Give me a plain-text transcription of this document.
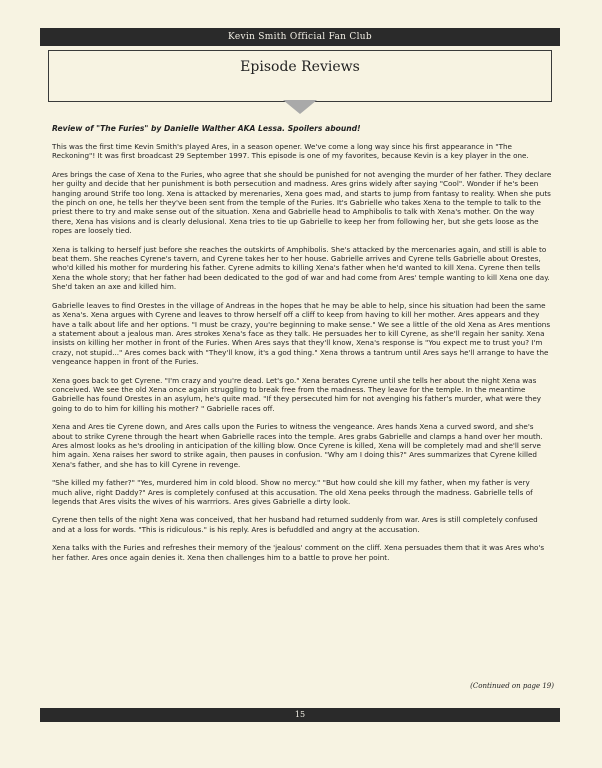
Kevin Smith Official Fan Club
Episode Reviews
Review of "The Furies" by Danielle Walther AKA Lessa. Spoilers abound!

This was the first time Kevin Smith's played Ares, in a season opener. We've come a long way since his first appearance in "The Reckoning"! It was first broadcast 29 September 1997. This episode is one of my favorites, because Kevin is a key player in the one.

Ares brings the case of Xena to the Furies, who agree that she should be punished for not avenging the murder of her father. They declare her guilty and decide that her punishment is both persecution and madness. Ares grins widely after saying "Cool". Wonder if he's been hanging around Strife too long. Xena is attacked by merenaries, Xena goes mad, and starts to jump from fantasy to reality. When she puts the pinch on one, he tells her they've been sent from the temple of the Furies. It's Gabrielle who takes Xena to the temple to talk to the priest there to try and make sense out of the situation. Xena and Gabrielle head to Amphibolis to talk with Xena's mother. On the way there, Xena has visions and is clearly delusional. Xena tries to tie up Gabrielle to keep her from following her, but she gets loose as the ropes are loosely tied.

Xena is talking to herself just before she reaches the outskirts of Amphibolis. She's attacked by the mercenaries again, and still is able to beat them. She reaches Cyrene's tavern, and Cyrene takes her to her house. Gabrielle arrives and Cyrene tells Gabrielle about Orestes, who'd killed his mother for murdering his father. Cyrene admits to killing Xena's father when he'd wanted to kill Xena. Cyrene then tells Xena the whole story; that her father had been dedicated to the god of war and had come from Ares' temple wanting to kill Xena one day. She'd taken an axe and killed him.

Gabrielle leaves to find Orestes in the village of Andreas in the hopes that he may be able to help, since his situation had been the same as Xena's. Xena argues with Cyrene and leaves to throw herself off a cliff to keep from having to kill her mother. Ares appears and they have a talk about life and her options. "I must be crazy, you're beginning to make sense." We see a little of the old Xena as Ares mentions a statement about a jealous man. Ares strokes Xena's face as they talk. He persuades her to kill Cyrene, as she'll regain her sanity. Xena insists on killing her mother in front of the Furies. When Ares says that they'll know, Xena's response is "You expect me to trust you? I'm crazy, not stupid..." Ares comes back with "They'll know, it's a god thing." Xena throws a tantrum until Ares says he'll arrange to have the vengeance happen in front of the Furies.

Xena goes back to get Cyrene. "I'm crazy and you're dead. Let's go." Xena berates Cyrene until she tells her about the night Xena was conceived. We see the old Xena once again struggling to break free from the madness. They leave for the temple. In the meantime Gabrielle has found Orestes in an asylum, he's quite mad. "If they persecuted him for not avenging his father's murder, what were they going to do to him for killing his mother? " Gabrielle races off.

Xena and Ares tie Cyrene down, and Ares calls upon the Furies to witness the vengeance. Ares hands Xena a curved sword, and she's about to strike Cyrene through the heart when Gabrielle races into the temple. Ares grabs Gabrielle and clamps a hand over her mouth. Ares almost looks as he's drooling in anticipation of the killing blow. Once Cyrene is killed, Xena will be completely mad and she'll serve him again. Xena raises her sword to strike again, then pauses in confusion. "Why am I doing this?" Ares summarizes that Cyrene killed Xena's father, and she has to kill Cyrene in revenge.

"She killed my father?" "Yes, murdered him in cold blood. Show no mercy." "But how could she kill my father, when my father is very much alive, right Daddy?" Ares is completely confused at this accusation. The old Xena peeks through the madness. Gabrielle tells of legends that Ares visits the wives of his warrriors. Ares gives Gabrielle a dirty look.

Cyrene then tells of the night Xena was conceived, that her husband had returned suddenly from war. Ares is still completely confused and at a loss for words. "This is ridiculous." is his reply. Ares is befuddled and angry at the accusation.

Xena talks with the Furies and refreshes their memory of the 'jealous' comment on the cliff. Xena persuades them that it was Ares who's her father. Ares once again denies it. Xena then challenges him to a battle to prove her point.

(Continued on page 19)
15
